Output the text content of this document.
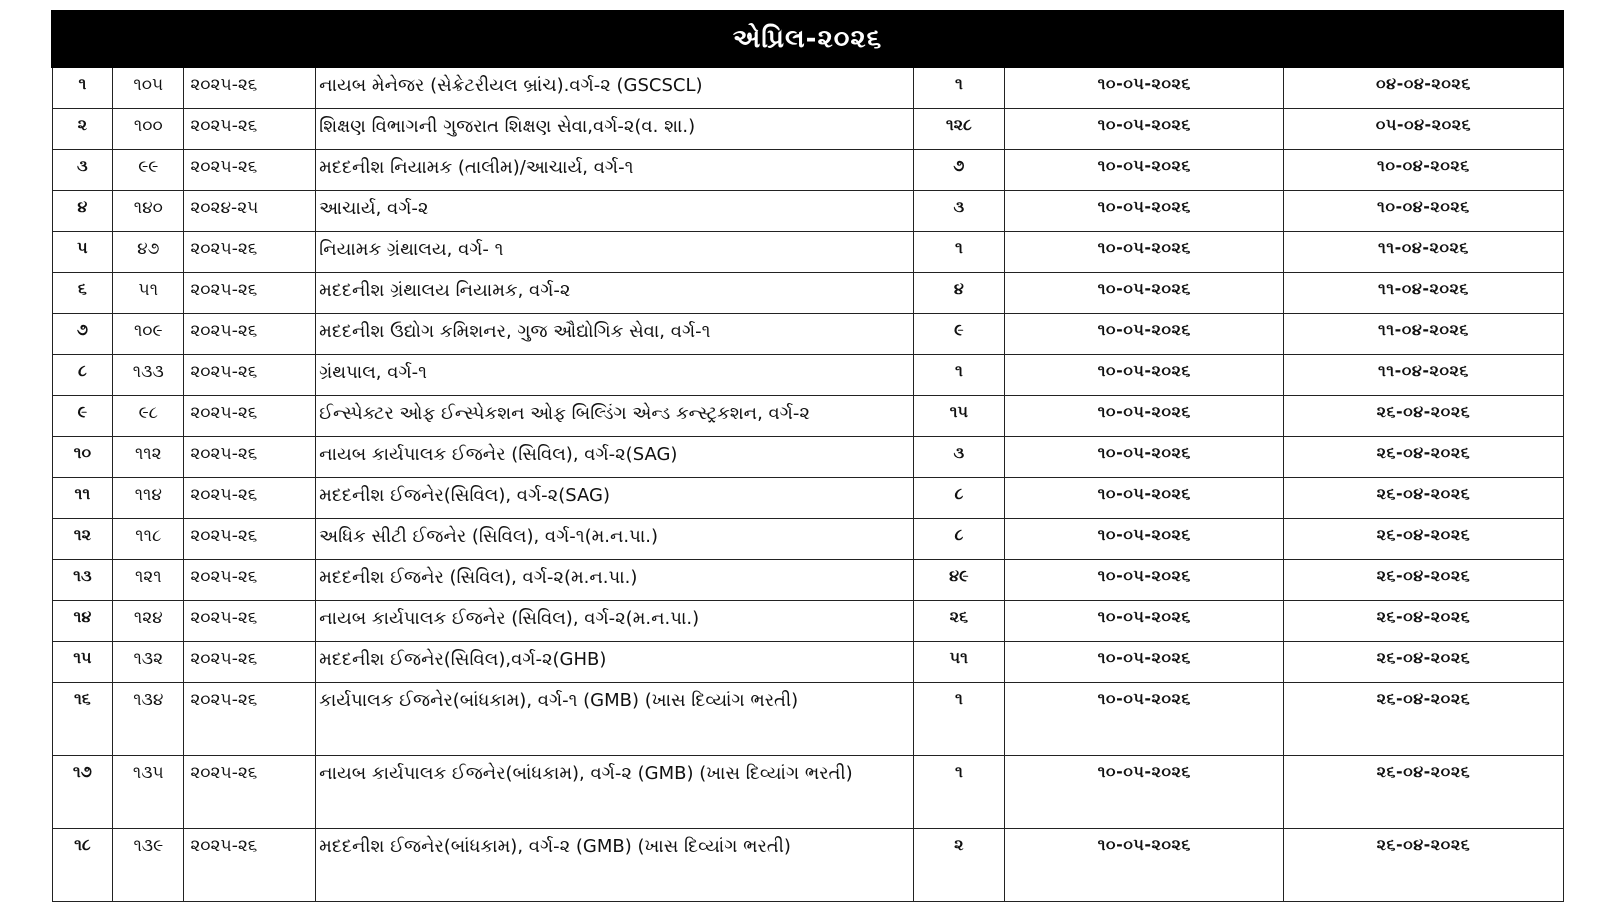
એપ્રિલ-૨૦૨૬						
૧	૧૦૫	૨૦૨૫-૨૬	નાયબ મેનેજર (સેક્રેટરીયલ બ્રાંચ).વર્ગ-૨ (GSCSCL)	૧	૧૦-૦૫-૨૦૨૬	૦૪-૦૪-૨૦૨૬
૨	૧૦૦	૨૦૨૫-૨૬	શિક્ષણ વિભાગની ગુજરાત શિક્ષણ સેવા,વર્ગ-૨(વ. શા.)	૧૨૮	૧૦-૦૫-૨૦૨૬	૦૫-૦૪-૨૦૨૬
૩	૯૯	૨૦૨૫-૨૬	મદદનીશ નિયામક (તાલીમ)/આચાર્ય, વર્ગ-૧	૭	૧૦-૦૫-૨૦૨૬	૧૦-૦૪-૨૦૨૬
૪	૧૪૦	૨૦૨૪-૨૫	આચાર્ય, વર્ગ-૨	૩	૧૦-૦૫-૨૦૨૬	૧૦-૦૪-૨૦૨૬
૫	૪૭	૨૦૨૫-૨૬	નિયામક ગ્રંથાલય, વર્ગ- ૧	૧	૧૦-૦૫-૨૦૨૬	૧૧-૦૪-૨૦૨૬
૬	૫૧	૨૦૨૫-૨૬	મદદનીશ ગ્રંથાલય નિયામક, વર્ગ-૨	૪	૧૦-૦૫-૨૦૨૬	૧૧-૦૪-૨૦૨૬
૭	૧૦૯	૨૦૨૫-૨૬	મદદનીશ ઉદ્યોગ કમિશનર, ગુજ ઔદ્યોગિક સેવા, વર્ગ-૧	૯	૧૦-૦૫-૨૦૨૬	૧૧-૦૪-૨૦૨૬
૮	૧૩૩	૨૦૨૫-૨૬	ગ્રંથપાલ, વર્ગ-૧	૧	૧૦-૦૫-૨૦૨૬	૧૧-૦૪-૨૦૨૬
૯	૯૮	૨૦૨૫-૨૬	ઈન્સ્પેક્ટર ઓફ ઈન્સ્પેકશન ઓફ બિલ્ડિંગ એન્ડ કન્સ્ટ્રકશન, વર્ગ-૨	૧૫	૧૦-૦૫-૨૦૨૬	૨૬-૦૪-૨૦૨૬
૧૦	૧૧૨	૨૦૨૫-૨૬	નાયબ કાર્યપાલક ઈજનેર (સિવિલ), વર્ગ-૨(SAG)	૩	૧૦-૦૫-૨૦૨૬	૨૬-૦૪-૨૦૨૬
૧૧	૧૧૪	૨૦૨૫-૨૬	મદદનીશ ઈજનેર(સિવિલ), વર્ગ-૨(SAG)	૮	૧૦-૦૫-૨૦૨૬	૨૬-૦૪-૨૦૨૬
૧૨	૧૧૮	૨૦૨૫-૨૬	અધિક સીટી ઈજનેર (સિવિલ), વર્ગ-૧(મ.ન.પા.)	૮	૧૦-૦૫-૨૦૨૬	૨૬-૦૪-૨૦૨૬
૧૩	૧૨૧	૨૦૨૫-૨૬	મદદનીશ ઈજનેર (સિવિલ), વર્ગ-૨(મ.ન.પા.)	૪૯	૧૦-૦૫-૨૦૨૬	૨૬-૦૪-૨૦૨૬
૧૪	૧૨૪	૨૦૨૫-૨૬	નાયબ કાર્યપાલક ઈજનેર (સિવિલ), વર્ગ-૨(મ.ન.પા.)	૨૬	૧૦-૦૫-૨૦૨૬	૨૬-૦૪-૨૦૨૬
૧૫	૧૩૨	૨૦૨૫-૨૬	મદદનીશ ઈજનેર(સિવિલ),વર્ગ-૨(GHB)	૫૧	૧૦-૦૫-૨૦૨૬	૨૬-૦૪-૨૦૨૬
૧૬	૧૩૪	૨૦૨૫-૨૬	કાર્યપાલક ઈજનેર(બાંધકામ), વર્ગ-૧ (GMB) (ખાસ દિવ્યાંગ ભરતી)	૧	૧૦-૦૫-૨૦૨૬	૨૬-૦૪-૨૦૨૬
૧૭	૧૩૫	૨૦૨૫-૨૬	નાયબ કાર્યપાલક ઈજનેર(બાંધકામ), વર્ગ-૨ (GMB) (ખાસ દિવ્યાંગ ભરતી)	૧	૧૦-૦૫-૨૦૨૬	૨૬-૦૪-૨૦૨૬
૧૮	૧૩૯	૨૦૨૫-૨૬	મદદનીશ ઈજનેર(બાંધકામ), વર્ગ-૨ (GMB) (ખાસ દિવ્યાંગ ભરતી)	૨	૧૦-૦૫-૨૦૨૬	૨૬-૦૪-૨૦૨૬
